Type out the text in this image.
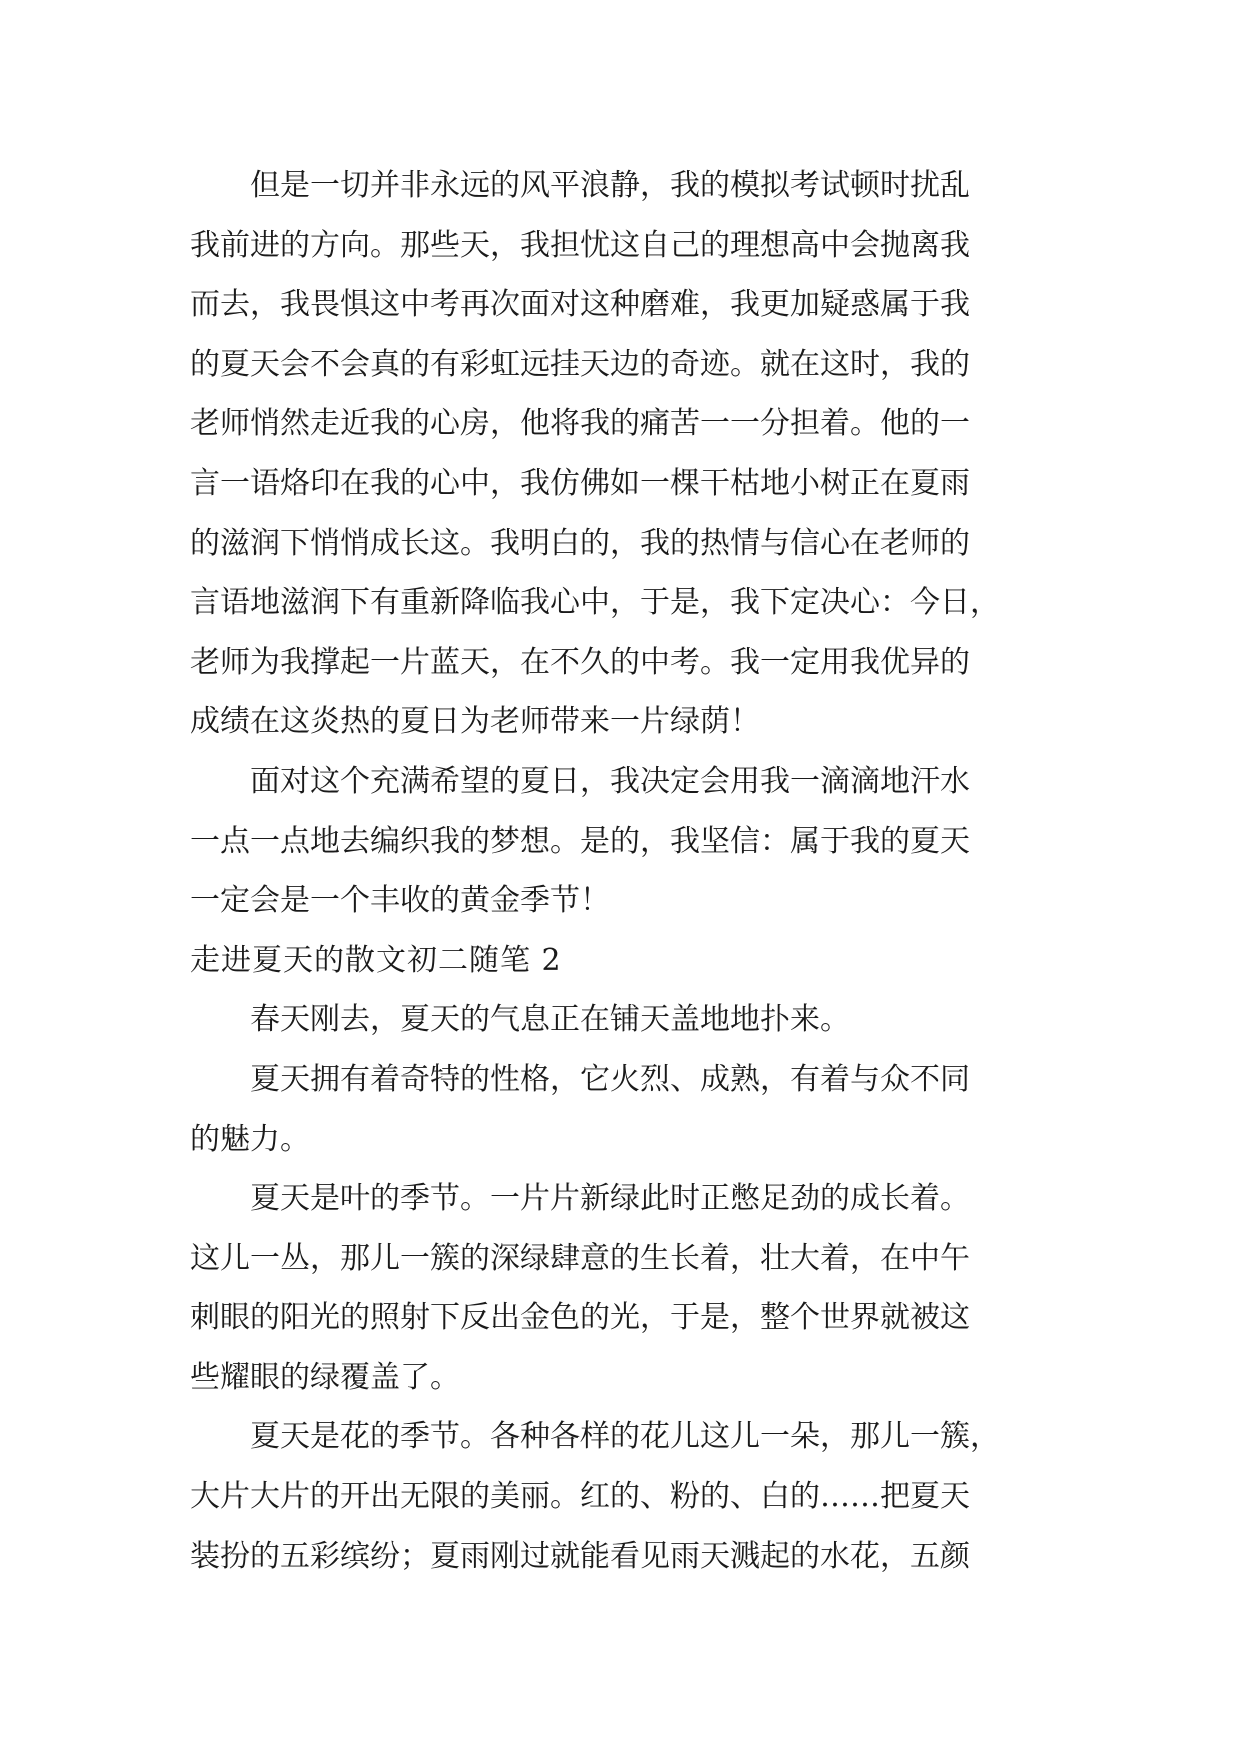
　　但是一切并非永远的风平浪静，我的模拟考试顿时扰乱
我前进的方向。那些天，我担忧这自己的理想高中会抛离我
而去，我畏惧这中考再次面对这种磨难，我更加疑惑属于我
的夏天会不会真的有彩虹远挂天边的奇迹。就在这时，我的
老师悄然走近我的心房，他将我的痛苦一一分担着。他的一
言一语烙印在我的心中，我仿佛如一棵干枯地小树正在夏雨
的滋润下悄悄成长这。我明白的，我的热情与信心在老师的
言语地滋润下有重新降临我心中，于是，我下定决心：今日，
老师为我撑起一片蓝天，在不久的中考。我一定用我优异的
成绩在这炎热的夏日为老师带来一片绿荫！
　　面对这个充满希望的夏日，我决定会用我一滴滴地汗水
一点一点地去编织我的梦想。是的，我坚信：属于我的夏天
一定会是一个丰收的黄金季节！
走进夏天的散文初二随笔 2
　　春天刚去，夏天的气息正在铺天盖地地扑来。
　　夏天拥有着奇特的性格，它火烈、成熟，有着与众不同
的魅力。
　　夏天是叶的季节。一片片新绿此时正憋足劲的成长着。
这儿一丛，那儿一簇的深绿肆意的生长着，壮大着，在中午
刺眼的阳光的照射下反出金色的光，于是，整个世界就被这
些耀眼的绿覆盖了。
　　夏天是花的季节。各种各样的花儿这儿一朵，那儿一簇，
大片大片的开出无限的美丽。红的、粉的、白的……把夏天
装扮的五彩缤纷；夏雨刚过就能看见雨天溅起的水花，五颜
